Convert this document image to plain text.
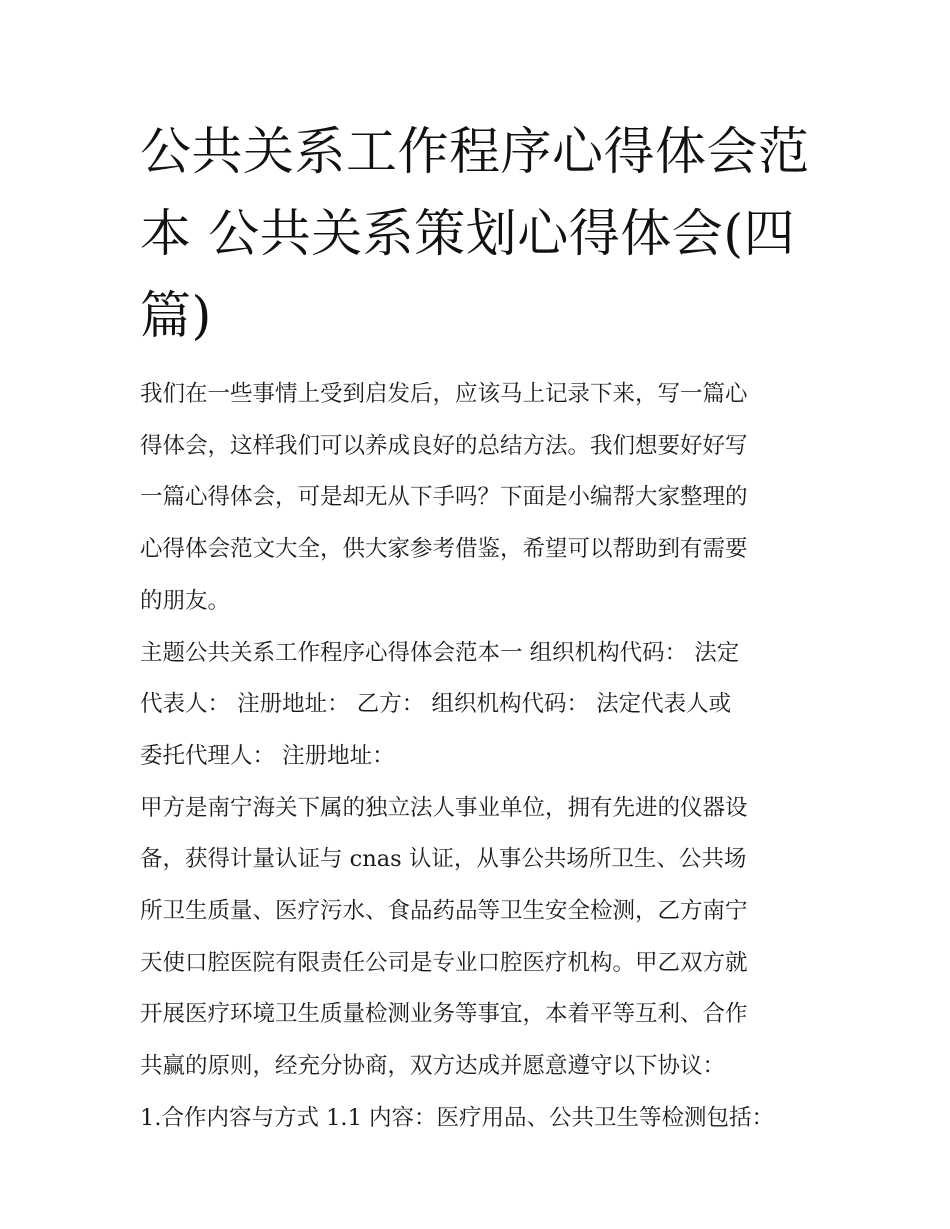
公共关系工作程序心得体会范
本 公共关系策划心得体会(四
篇)

我们在一些事情上受到启发后，应该马上记录下来，写一篇心
得体会，这样我们可以养成良好的总结方法。我们想要好好写
一篇心得体会，可是却无从下手吗？下面是小编帮大家整理的
心得体会范文大全，供大家参考借鉴，希望可以帮助到有需要
的朋友。

主题公共关系工作程序心得体会范本一 组织机构代码： 法定
代表人： 注册地址： 乙方： 组织机构代码： 法定代表人或
委托代理人： 注册地址：

甲方是南宁海关下属的独立法人事业单位，拥有先进的仪器设
备，获得计量认证与 cnas 认证，从事公共场所卫生、公共场
所卫生质量、医疗污水、食品药品等卫生安全检测，乙方南宁
天使口腔医院有限责任公司是专业口腔医疗机构。甲乙双方就
开展医疗环境卫生质量检测业务等事宜，本着平等互利、合作
共赢的原则，经充分协商，双方达成并愿意遵守以下协议：

1.合作内容与方式 1.1 内容：医疗用品、公共卫生等检测包括：
